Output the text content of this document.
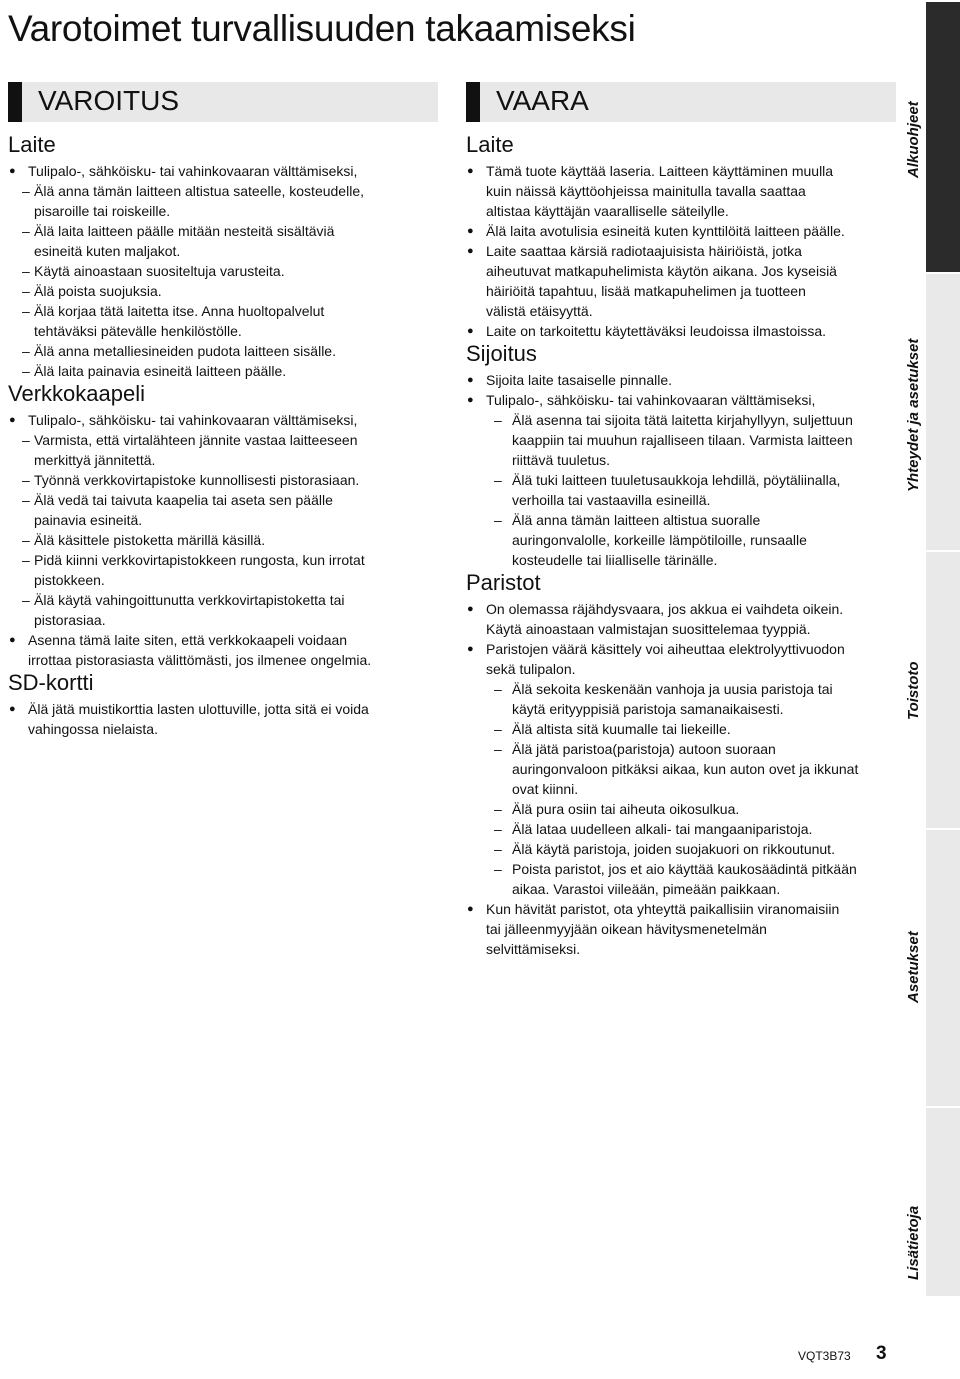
Varotoimet turvallisuuden takaamiseksi
VAROITUS
Laite
● Tulipalo-, sähköisku- tai vahinkovaaran välttämiseksi,
– Älä anna tämän laitteen altistua sateelle, kosteudelle,
pisaroille tai roiskeille.
– Älä laita laitteen päälle mitään nesteitä sisältäviä
esineitä kuten maljakot.
– Käytä ainoastaan suositeltuja varusteita.
– Älä poista suojuksia.
– Älä korjaa tätä laitetta itse. Anna huoltopalvelut
tehtäväksi pätevälle henkilöstölle.
– Älä anna metalliesineiden pudota laitteen sisälle.
– Älä laita painavia esineitä laitteen päälle.
Verkkokaapeli
● Tulipalo-, sähköisku- tai vahinkovaaran välttämiseksi,
– Varmista, että virtalähteen jännite vastaa laitteeseen
merkittyä jännitettä.
– Työnnä verkkovirtapistoke kunnollisesti pistorasiaan.
– Älä vedä tai taivuta kaapelia tai aseta sen päälle
painavia esineitä.
– Älä käsittele pistoketta märillä käsillä.
– Pidä kiinni verkkovirtapistokkeen rungosta, kun irrotat
pistokkeen.
– Älä käytä vahingoittunutta verkkovirtapistoketta tai
pistorasiaa.
● Asenna tämä laite siten, että verkkokaapeli voidaan
irrottaa pistorasiasta välittömästi, jos ilmenee ongelmia.
SD-kortti
● Älä jätä muistikorttia lasten ulottuville, jotta sitä ei voida
vahingossa nielaista.
VAARA
Laite
● Tämä tuote käyttää laseria. Laitteen käyttäminen muulla
kuin näissä käyttöohjeissa mainitulla tavalla saattaa
altistaa käyttäjän vaaralliselle säteilylle.
● Älä laita avotulisia esineitä kuten kynttilöitä laitteen päälle.
● Laite saattaa kärsiä radiotaajuisista häiriöistä, jotka
aiheutuvat matkapuhelimista käytön aikana. Jos kyseisiä
häiriöitä tapahtuu, lisää matkapuhelimen ja tuotteen
välistä etäisyyttä.
● Laite on tarkoitettu käytettäväksi leudoissa ilmastoissa.
Sijoitus
● Sijoita laite tasaiselle pinnalle.
● Tulipalo-, sähköisku- tai vahinkovaaran välttämiseksi,
– Älä asenna tai sijoita tätä laitetta kirjahyllyyn, suljettuun
kaappiin tai muuhun rajalliseen tilaan. Varmista laitteen
riittävä tuuletus.
– Älä tuki laitteen tuuletusaukkoja lehdillä, pöytäliinalla,
verhoilla tai vastaavilla esineillä.
– Älä anna tämän laitteen altistua suoralle
auringonvalolle, korkeille lämpötiloille, runsaalle
kosteudelle tai liialliselle tärinälle.
Paristot
● On olemassa räjähdysvaara, jos akkua ei vaihdeta oikein.
Käytä ainoastaan valmistajan suosittelemaa tyyppiä.
● Paristojen väärä käsittely voi aiheuttaa elektrolyyttivuodon
sekä tulipalon.
– Älä sekoita keskenään vanhoja ja uusia paristoja tai
käytä erityyppisiä paristoja samanaikaisesti.
– Älä altista sitä kuumalle tai liekeille.
– Älä jätä paristoa(paristoja) autoon suoraan
auringonvaloon pitkäksi aikaa, kun auton ovet ja ikkunat
ovat kiinni.
– Älä pura osiin tai aiheuta oikosulkua.
– Älä lataa uudelleen alkali- tai mangaaniparistoja.
– Älä käytä paristoja, joiden suojakuori on rikkoutunut.
– Poista paristot, jos et aio käyttää kaukosäädintä pitkään
aikaa. Varastoi viileään, pimeään paikkaan.
● Kun hävität paristot, ota yhteyttä paikallisiin viranomaisiin
tai jälleenmyyjään oikean hävitysmenetelmän
selvittämiseksi.
Alkuohjeet
Yhteydet ja asetukset
Toistoto
Asetukset
Lisätietoja
VQT3B73 3
